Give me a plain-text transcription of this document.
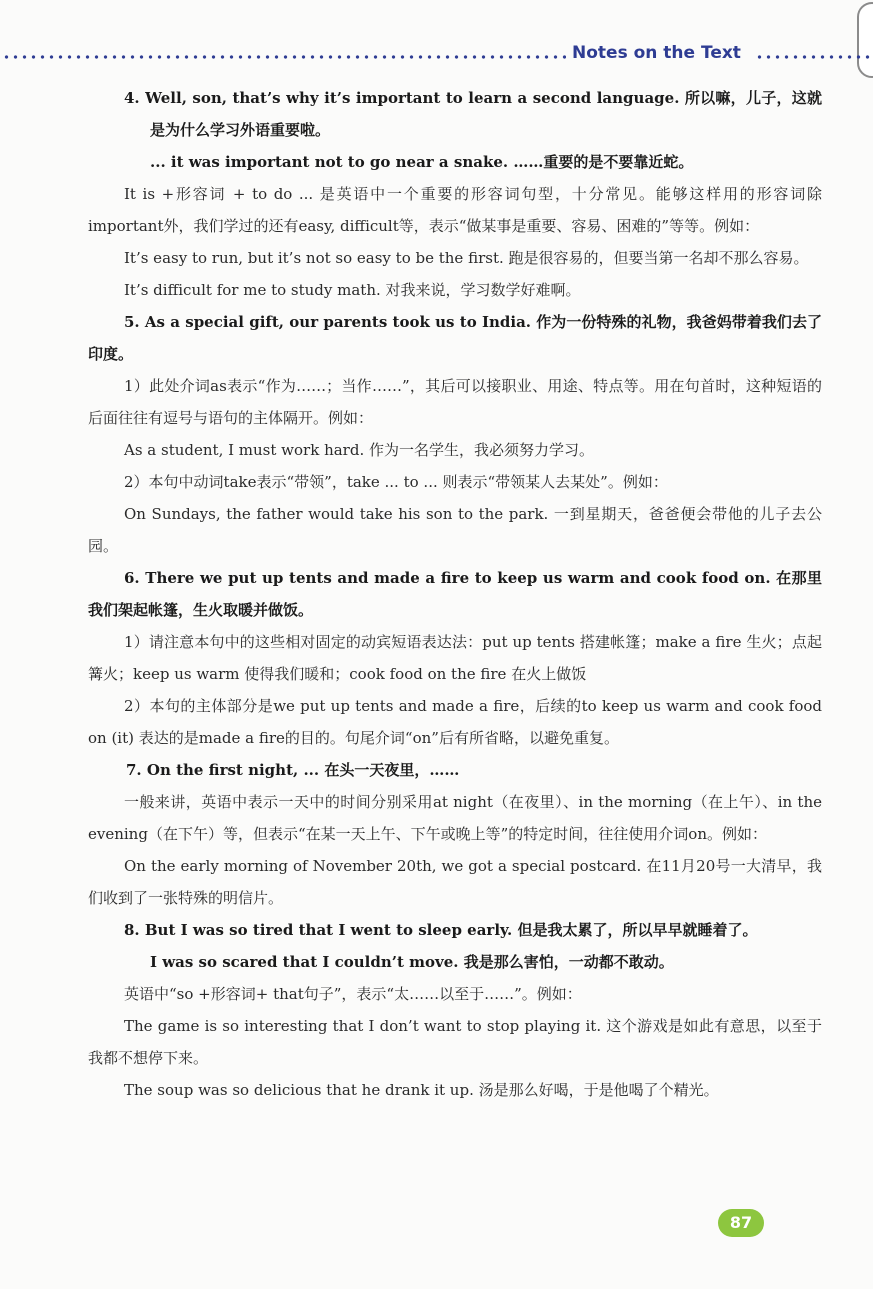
Notes on the Text

4. Well, son, that’s why it’s important to learn a second language. 所以嘛，儿子，这就是为什么学习外语重要啦。

... it was important not to go near a snake. ……重要的是不要靠近蛇。

It is +形容词 + to do ... 是英语中一个重要的形容词句型，十分常见。能够这样用的形容词除important外，我们学过的还有easy, difficult等，表示“做某事是重要、容易、困难的”等等。例如：

It’s easy to run, but it’s not so easy to be the first. 跑是很容易的，但要当第一名却不那么容易。

It’s difficult for me to study math. 对我来说，学习数学好难啊。

5. As a special gift, our parents took us to India. 作为一份特殊的礼物，我爸妈带着我们去了印度。

1）此处介词as表示“作为……；当作……”，其后可以接职业、用途、特点等。用在句首时，这种短语的后面往往有逗号与语句的主体隔开。例如：

As a student, I must work hard. 作为一名学生，我必须努力学习。

2）本句中动词take表示“带领”，take ... to ... 则表示“带领某人去某处”。例如：

On Sundays, the father would take his son to the park. 一到星期天，爸爸便会带他的儿子去公园。

6. There we put up tents and made a fire to keep us warm and cook food on. 在那里我们架起帐篷，生火取暖并做饭。

1）请注意本句中的这些相对固定的动宾短语表达法：put up tents 搭建帐篷；make a fire 生火；点起篝火；keep us warm 使得我们暖和；cook food on the fire 在火上做饭

2）本句的主体部分是we put up tents and made a fire，后续的to keep us warm and cook food on (it) 表达的是made a fire的目的。句尾介词“on”后有所省略，以避免重复。

7. On the first night, ... 在头一天夜里，……

一般来讲，英语中表示一天中的时间分别采用at night（在夜里）、in the morning（在上午）、in the evening（在下午）等，但表示“在某一天上午、下午或晚上等”的特定时间，往往使用介词on。例如：

On the early morning of November 20th, we got a special postcard. 在11月20号一大清早，我们收到了一张特殊的明信片。

8. But I was so tired that I went to sleep early. 但是我太累了，所以早早就睡着了。

I was so scared that I couldn’t move. 我是那么害怕，一动都不敢动。

英语中“so +形容词+ that句子”，表示“太……以至于……”。例如：

The game is so interesting that I don’t want to stop playing it. 这个游戏是如此有意思，以至于我都不想停下来。

The soup was so delicious that he drank it up. 汤是那么好喝，于是他喝了个精光。

87
